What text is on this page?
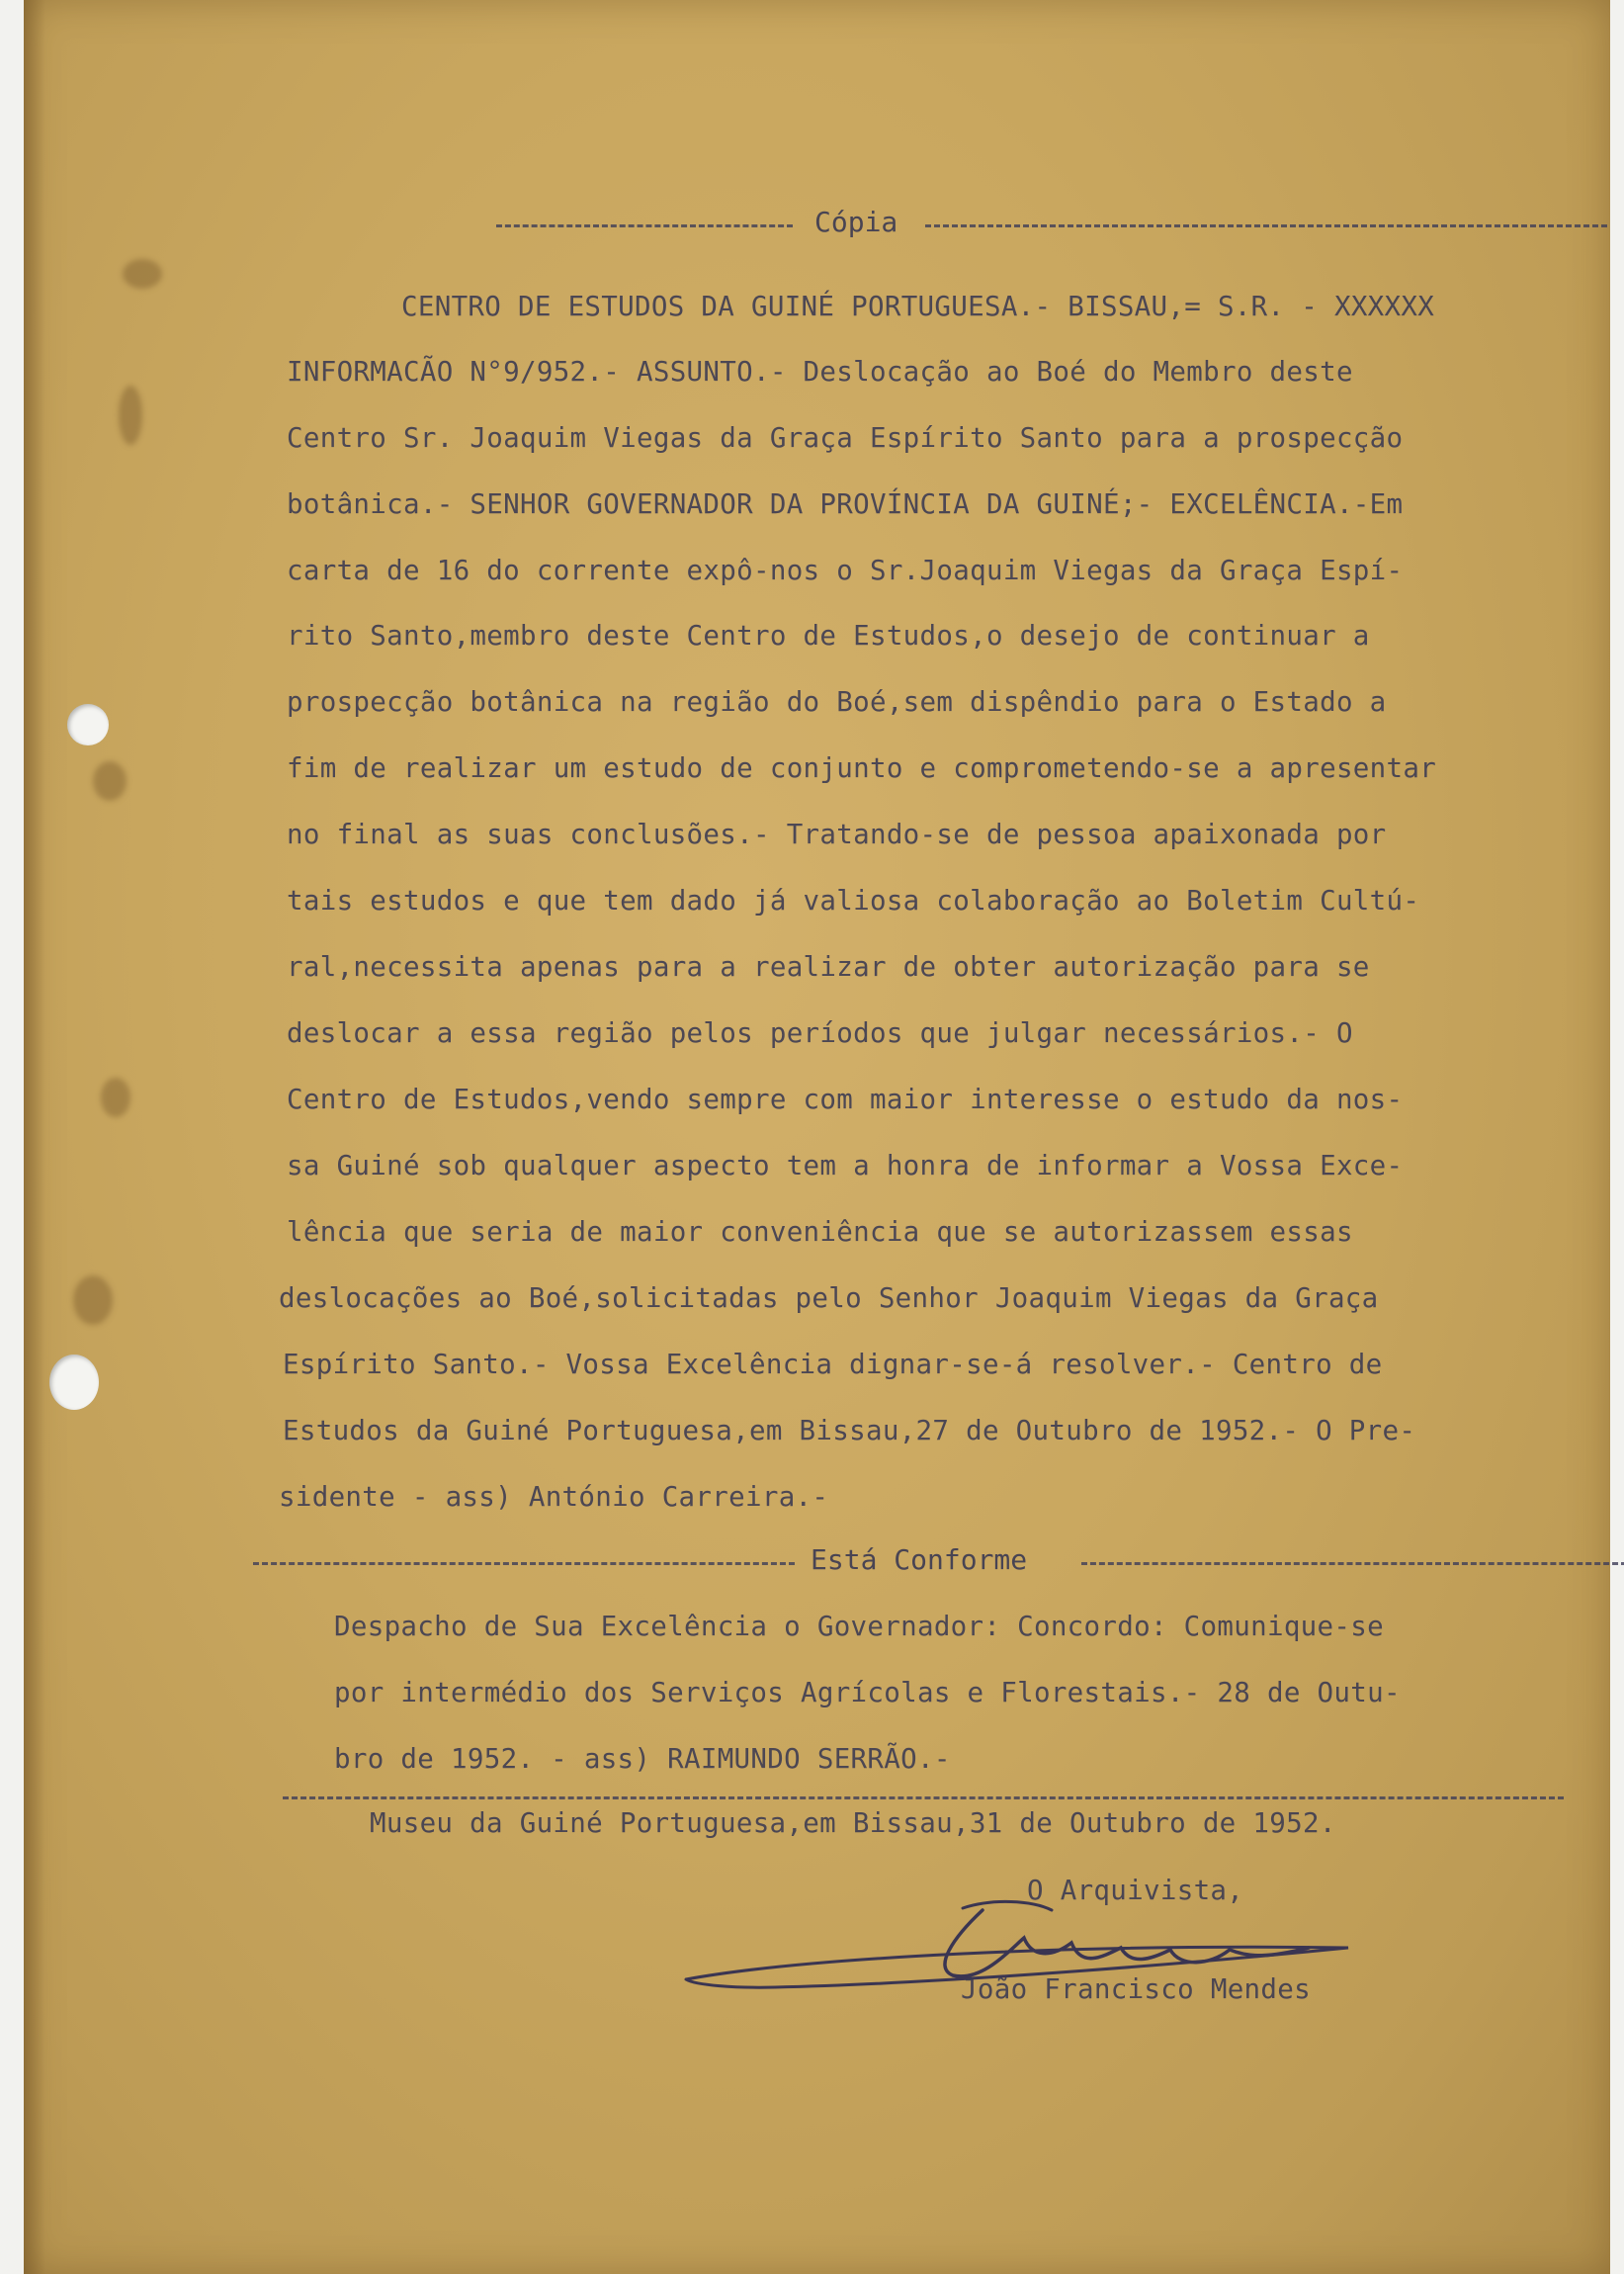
Cópia
CENTRO DE ESTUDOS DA GUINÉ PORTUGUESA.- BISSAU,= S.R. - XXXXXX
INFORMACÃO N°9/952.- ASSUNTO.- Deslocação ao Boé do Membro deste
Centro Sr. Joaquim Viegas da Graça Espírito Santo para a prospecção
botânica.- SENHOR GOVERNADOR DA PROVÍNCIA DA GUINÉ;- EXCELÊNCIA.-Em
carta de 16 do corrente expô-nos o Sr.Joaquim Viegas da Graça Espí-
rito Santo,membro deste Centro de Estudos,o desejo de continuar a
prospecção botânica na região do Boé,sem dispêndio para o Estado a
fim de realizar um estudo de conjunto e comprometendo-se a apresentar
no final as suas conclusões.- Tratando-se de pessoa apaixonada por
tais estudos e que tem dado já valiosa colaboração ao Boletim Cultú-
ral,necessita apenas para a realizar de obter autorização para se
deslocar a essa região pelos períodos que julgar necessários.- O
Centro de Estudos,vendo sempre com maior interesse o estudo da nos-
sa Guiné sob qualquer aspecto tem a honra de informar a Vossa Exce-
lência que seria de maior conveniência que se autorizassem essas
deslocações ao Boé,solicitadas pelo Senhor Joaquim Viegas da Graça
Espírito Santo.- Vossa Excelência dignar-se-á resolver.- Centro de
Estudos da Guiné Portuguesa,em Bissau,27 de Outubro de 1952.- O Pre-
sidente - ass) António Carreira.-
Está Conforme
Despacho de Sua Excelência o Governador: Concordo: Comunique-se
por intermédio dos Serviços Agrícolas e Florestais.- 28 de Outu-
bro de 1952. - ass) RAIMUNDO SERRÃO.-
Museu da Guiné Portuguesa,em Bissau,31 de Outubro de 1952.
O Arquivista,
João Francisco Mendes
